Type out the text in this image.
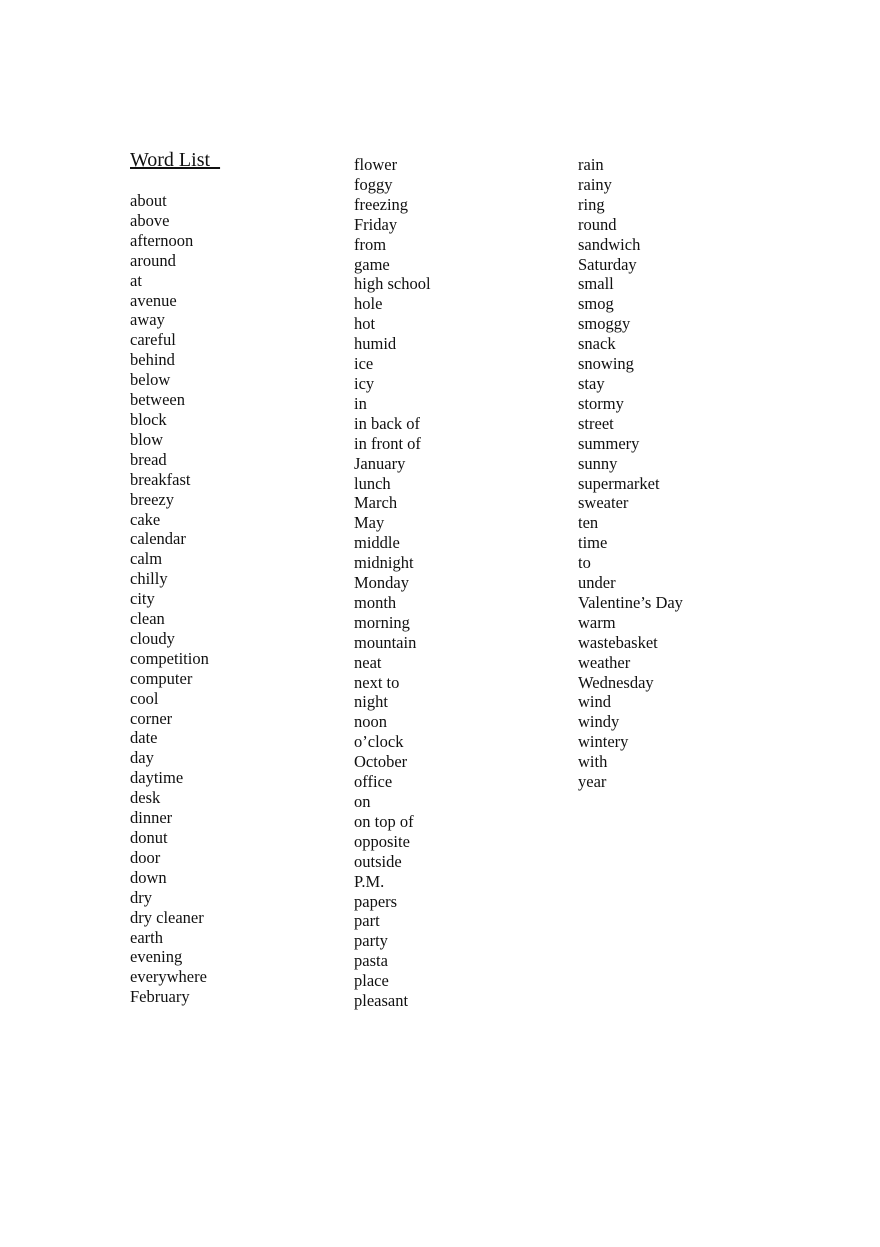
Word List
about
above
afternoon
around
at
avenue
away
careful
behind
below
between
block
blow
bread
breakfast
breezy
cake
calendar
calm
chilly
city
clean
cloudy
competition
computer
cool
corner
date
day
daytime
desk
dinner
donut
door
down
dry
dry cleaner
earth
evening
everywhere
February
flower
foggy
freezing
Friday
from
game
high school
hole
hot
humid
ice
icy
in
in back of
in front of
January
lunch
March
May
middle
midnight
Monday
month
morning
mountain
neat
next to
night
noon
o’clock
October
office
on
on top of
opposite
outside
P.M.
papers
part
party
pasta
place
pleasant
rain
rainy
ring
round
sandwich
Saturday
small
smog
smoggy
snack
snowing
stay
stormy
street
summery
sunny
supermarket
sweater
ten
time
to
under
Valentine’s Day
warm
wastebasket
weather
Wednesday
wind
windy
wintery
with
year
